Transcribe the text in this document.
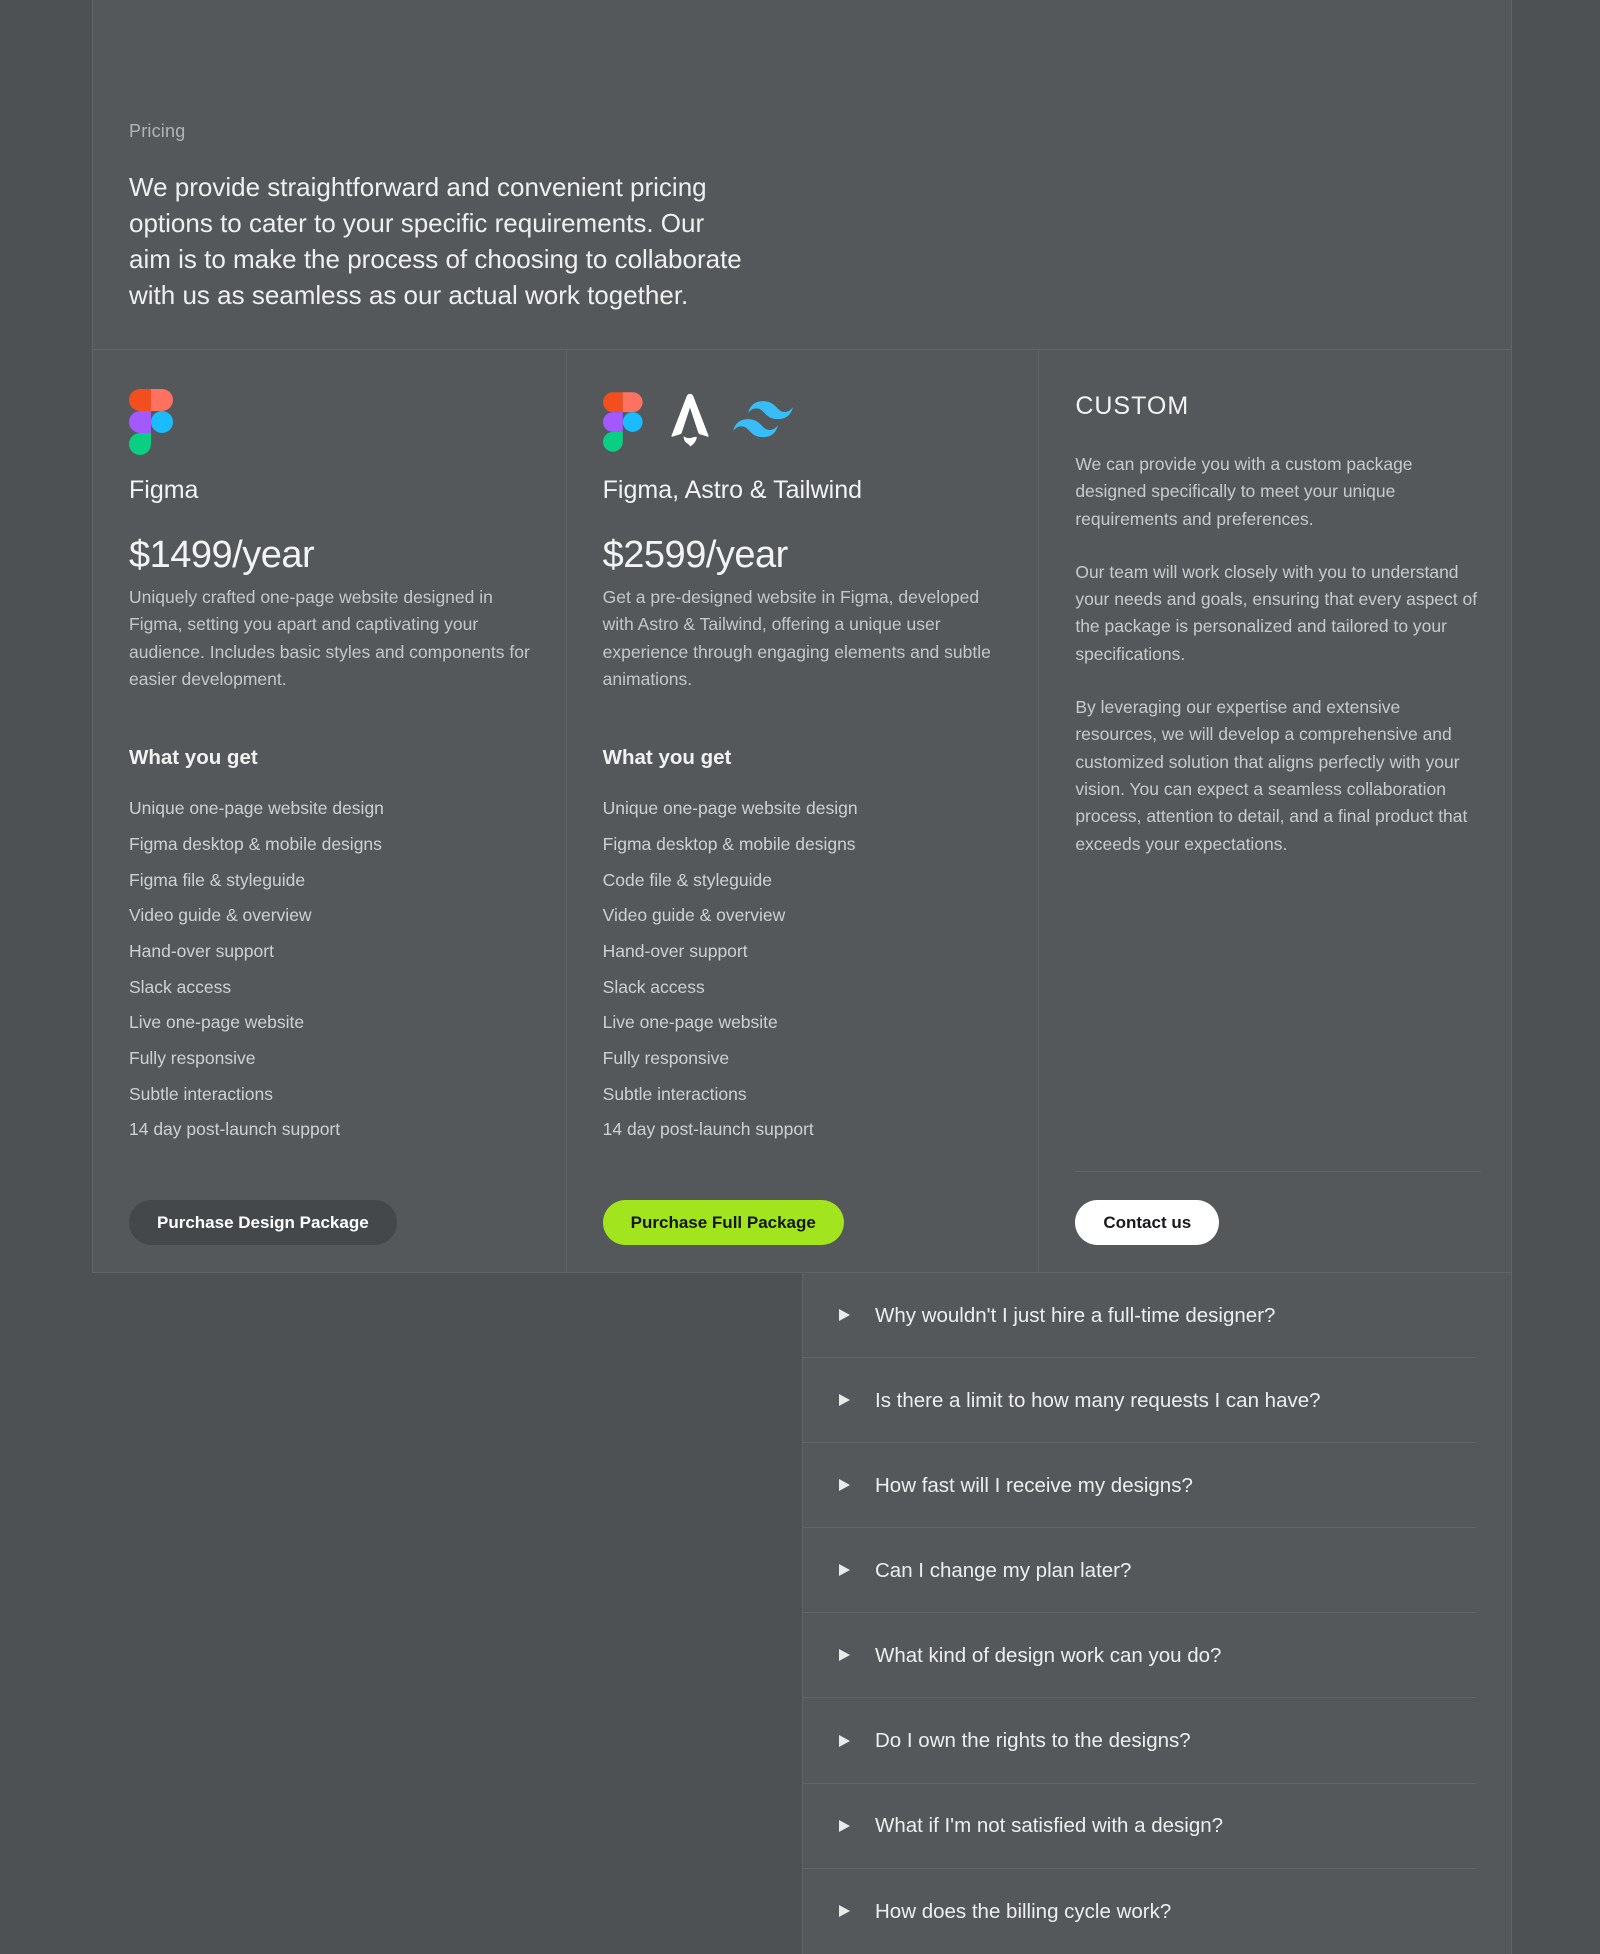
Pricing
We provide straightforward and convenient pricing
options to cater to your specific requirements. Our
aim is to make the process of choosing to collaborate
with us as seamless as our actual work together.
Figma
$1499/year

Uniquely crafted one-page website designed in Figma, setting you apart and captivating your audience. Includes basic styles and components for easier development.

What you get
Unique one-page website design
Figma desktop & mobile designs
Figma file & styleguide
Video guide & overview
Hand-over support
Slack access
Live one-page website
Fully responsive
Subtle interactions
14 day post-launch support
Purchase Design Package
Figma, Astro & Tailwind
$2599/year

Get a pre-designed website in Figma, developed with Astro & Tailwind, offering a unique user experience through engaging elements and subtle animations.

What you get
Unique one-page website design
Figma desktop & mobile designs
Code file & styleguide
Video guide & overview
Hand-over support
Slack access
Live one-page website
Fully responsive
Subtle interactions
14 day post-launch support
Purchase Full Package
CUSTOM

We can provide you with a custom package designed specifically to meet your unique requirements and preferences.

Our team will work closely with you to understand your needs and goals, ensuring that every aspect of the package is personalized and tailored to your specifications.

By leveraging our expertise and extensive resources, we will develop a comprehensive and customized solution that aligns perfectly with your vision. You can expect a seamless collaboration process, attention to detail, and a final product that exceeds your expectations.

Contact us
Why wouldn't I just hire a full-time designer?
Is there a limit to how many requests I can have?
How fast will I receive my designs?
Can I change my plan later?
What kind of design work can you do?
Do I own the rights to the designs?
What if I'm not satisfied with a design?
How does the billing cycle work?
